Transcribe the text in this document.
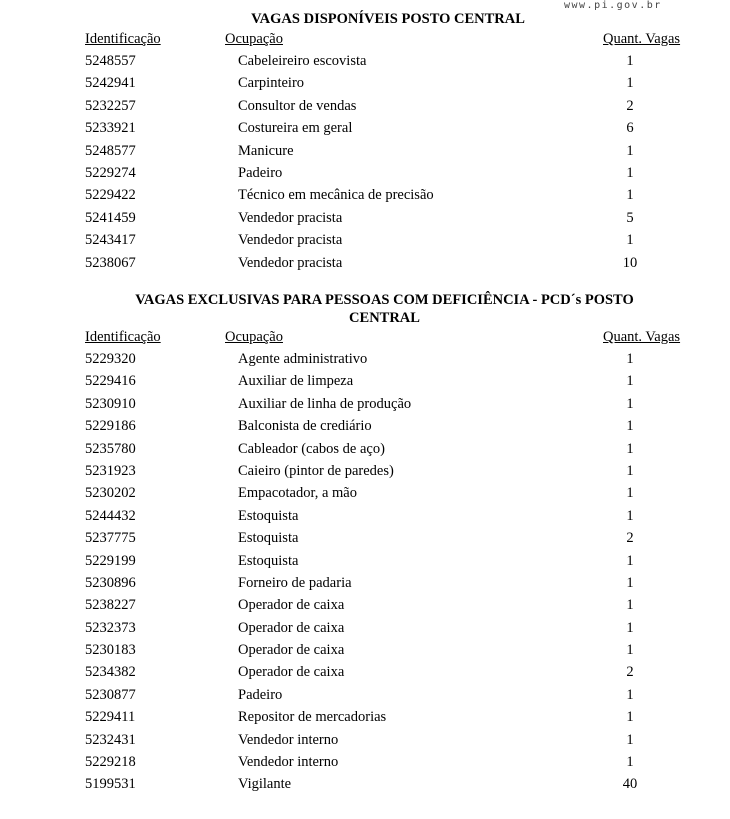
www.pi.gov.br
VAGAS DISPONÍVEIS POSTO CENTRAL
Identificação	Ocupação	Quant. Vagas
5248557	Cabeleireiro escovista	1
5242941	Carpinteiro	1
5232257	Consultor de vendas	2
5233921	Costureira em geral	6
5248577	Manicure	1
5229274	Padeiro	1
5229422	Técnico em mecânica de precisão	1
5241459	Vendedor pracista	5
5243417	Vendedor pracista	1
5238067	Vendedor pracista	10
VAGAS EXCLUSIVAS PARA PESSOAS COM DEFICIÊNCIA - PCD´s POSTO CENTRAL
Identificação	Ocupação	Quant. Vagas
5229320	Agente administrativo	1
5229416	Auxiliar de limpeza	1
5230910	Auxiliar de linha de produção	1
5229186	Balconista de crediário	1
5235780	Cableador (cabos de aço)	1
5231923	Caieiro (pintor de paredes)	1
5230202	Empacotador, a mão	1
5244432	Estoquista	1
5237775	Estoquista	2
5229199	Estoquista	1
5230896	Forneiro de padaria	1
5238227	Operador de caixa	1
5232373	Operador de caixa	1
5230183	Operador de caixa	1
5234382	Operador de caixa	2
5230877	Padeiro	1
5229411	Repositor de mercadorias	1
5232431	Vendedor interno	1
5229218	Vendedor interno	1
5199531	Vigilante	40
